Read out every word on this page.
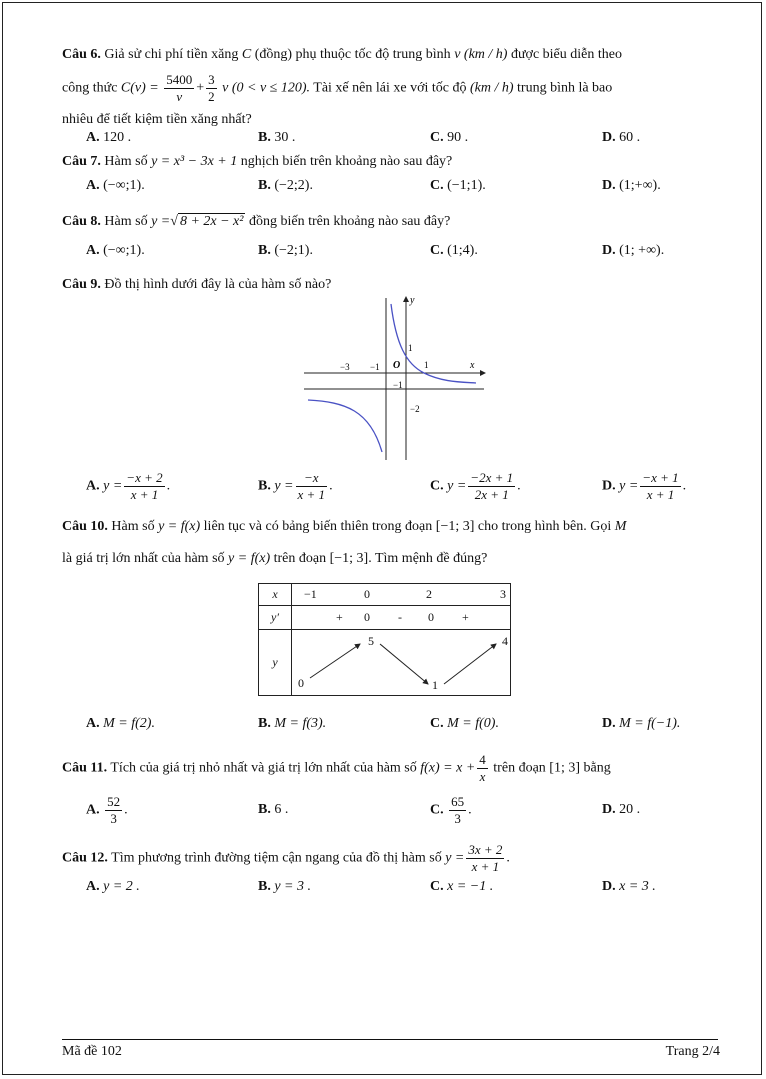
Câu 6. Giả sử chi phí tiền xăng C (đồng) phụ thuộc tốc độ trung bình v (km / h) được biểu diễn theo
công thức $C(v) = \frac{5400}{v} + \frac{3}{2}$ v (0 < v ≤ 120). Tài xế nên lái xe với tốc độ (km / h) trung bình là bao
nhiêu để tiết kiệm tiền xăng nhất?
A. 120 .	B. 30 .	C. 90 .	D. 60 .
Câu 7. Hàm số y = x³ − 3x + 1 nghịch biến trên khoảng nào sau đây?
A. (−∞;1).	B. (−2;2).	C. (−1;1).	D. (1;+∞).
Câu 8. Hàm số y =√ 8 + 2x − x² đồng biến trên khoảng nào sau đây?
A. (−∞;1).	B. (−2;1).	C. (1;4).	D. (1; +∞).
Câu 9. Đồ thị hình dưới đây là của hàm số nào?
y
x
O
−3 −1	1
1
−1
−2
A. $y = \frac{-x + 2}{x + 1}$ .	B. $y = \frac{-x}{x + 1}$ .	C. $y = \frac{-2x + 1}{2x + 1}$ .	D. $y = \frac{-x + 1}{x + 1}$ .
Câu 10. Hàm số y = f(x) liên tục và có bảng biến thiên trong đoạn [−1; 3] cho trong hình bên. Gọi M
là giá trị lớn nhất của hàm số y = f(x) trên đoạn [−1; 3]. Tìm mệnh đề đúng?
x	−1 0 2 3

y′	+ 0 - 0 +

y	0
5
1
4
A. M = f(2).	B. M = f(3).	C. M = f(0).	D. M = f(−1).
Câu 11. Tích của giá trị nhỏ nhất và giá trị lớn nhất của hàm số $f(x) = x + \frac{4}{x}$ trên đoạn [1; 3] bằng
A. $\frac{52}{3}$ .	B. 6 .	C. $\frac{65}{3}$ .	D. 20 .
Câu 12. Tìm phương trình đường tiệm cận ngang của đồ thị hàm số $y = \frac{3x + 2}{x + 1}$ .
A. y = 2 .	B. y = 3 .	C. x = −1 .	D. x = 3 .
Mã đề 102	Trang 2/4
